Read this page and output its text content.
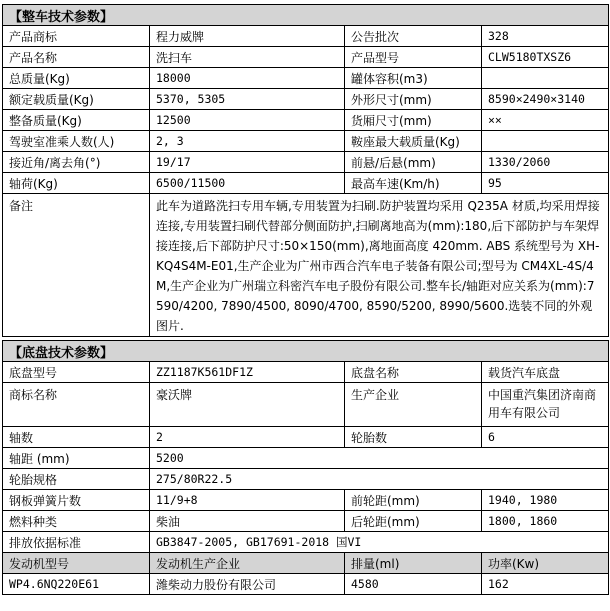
【整车技术参数】			
产品商标	程力威牌	公告批次	328
产品名称	洗扫车	产品型号	CLW5180TXSZ6
总质量(Kg)	18000	罐体容积(m3)	
额定载质量(Kg)	5370, 5305	外形尺寸(mm)	8590×2490×3140
整备质量(Kg)	12500	货厢尺寸(mm)	××
驾驶室准乘人数(人)	2, 3	鞍座最大载质量(Kg)	
接近角/离去角(°)	19/17	前悬/后悬(mm)	1330/2060
轴荷(Kg)	6500/11500	最高车速(Km/h)	95
备注	此车为道路洗扫专用车辆,专用装置为扫刷.防护装置均采用 Q235A 材质,均采用焊接连接,专用装置扫刷代替部分侧面防护,扫刷离地高为(mm):180,后下部防护与车架焊接连接,后下部防护尺寸:50×150(mm),离地面高度 420mm. ABS 系统型号为 XH-KQ4S4M-E01,生产企业为广州市西合汽车电子装备有限公司;型号为 CM4XL-4S/4M,生产企业为广州瑞立科密汽车电子股份有限公司.整车长/轴距对应关系为(mm):7590/4200, 7890/4500, 8090/4700, 8590/5200, 8990/5600.选装不同的外观图片.		
【底盘技术参数】			
底盘型号	ZZ1187K561DF1Z	底盘名称	载货汽车底盘
商标名称	豪沃牌	生产企业	中国重汽集团济南商用车有限公司
轴数	2	轮胎数	6
轴距 (mm)	5200		
轮胎规格	275/80R22.5		
钢板弹簧片数	11/9+8	前轮距(mm)	1940, 1980
燃料种类	柴油	后轮距(mm)	1800, 1860
排放依据标准	GB3847-2005, GB17691-2018 国VI		
发动机型号	发动机生产企业	排量(ml)	功率(Kw)
WP4.6NQ220E61	潍柴动力股份有限公司	4580	162
